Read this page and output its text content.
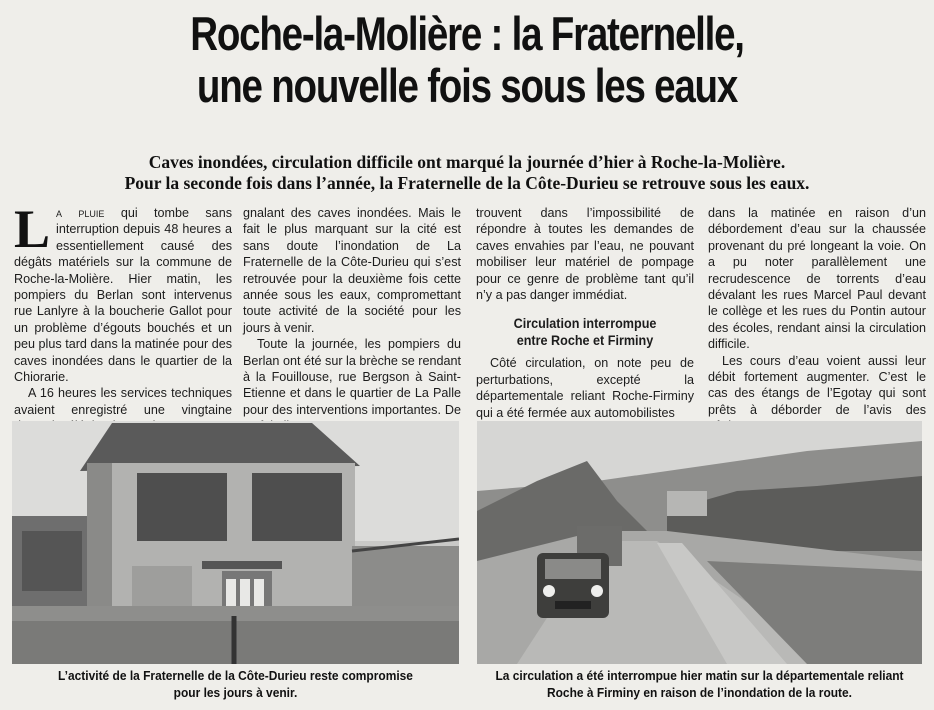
Roche-la-Molière : la Fraternelle,
une nouvelle fois sous les eaux
Caves inondées, circulation difficile ont marqué la journée d’hier à Roche-la-Molière.
Pour la seconde fois dans l’année, la Fraternelle de la Côte-Durieu se retrouve sous les eaux.

La pluie qui tombe sans interruption depuis 48 heures a essentiellement causé des dégâts matériels sur la commune de Roche-la-Molière. Hier matin, les pompiers du Berlan sont intervenus rue Lanlyre à la boucherie Gallot pour un problème d’égouts bouchés et un peu plus tard dans la matinée pour des caves inondées dans le quartier de la Chiorarie.

A 16 heures les services techniques avaient enregistré une vingtaine

gnalant des caves inondées. Mais le fait le plus marquant sur la cité est sans doute l’inondation de La Fraternelle de la Côte-Durieu qui s’est retrouvée pour la deuxième fois cette année sous les eaux, compromettant toute activité de la société pour les jours à venir.

Toute la journée, les pompiers du Berlan ont été sur la brèche se rendant à la Fouillouse, rue Bergson à Saint-Etienne et dans le quartier de La Palle pour des interventions importantes. De

trouvent dans l’impossibilité de répondre à toutes les demandes de caves envahies par l’eau, ne pouvant mobiliser leur matériel de pompage pour ce genre de problème tant qu’il n’y a pas danger immédiat.

Circulation interrompue
entre Roche et Firminy

Côté circulation, on note peu de perturbations, excepté la départementale reliant Roche-Firminy qui a été fermée aux automobilistes

dans la matinée en raison d’un débordement d’eau sur la chaussée provenant du pré longeant la voie. On a pu noter parallèlement une recrudescence de torrents d’eau dévalant les rues Marcel Paul devant le collège et les rues du Pontin autour des écoles, rendant ainsi la circulation difficile.

Les cours d’eau voient aussi leur débit fortement augmenter. C’est le cas des étangs de l’Egotay qui sont prêts à déborder de l’avis des

L’activité de la Fraternelle de la Côte-Durieu reste compromise
pour les jours à venir.
La circulation a été interrompue hier matin sur la départementale reliant
Roche à Firminy en raison de l’inondation de la route.
